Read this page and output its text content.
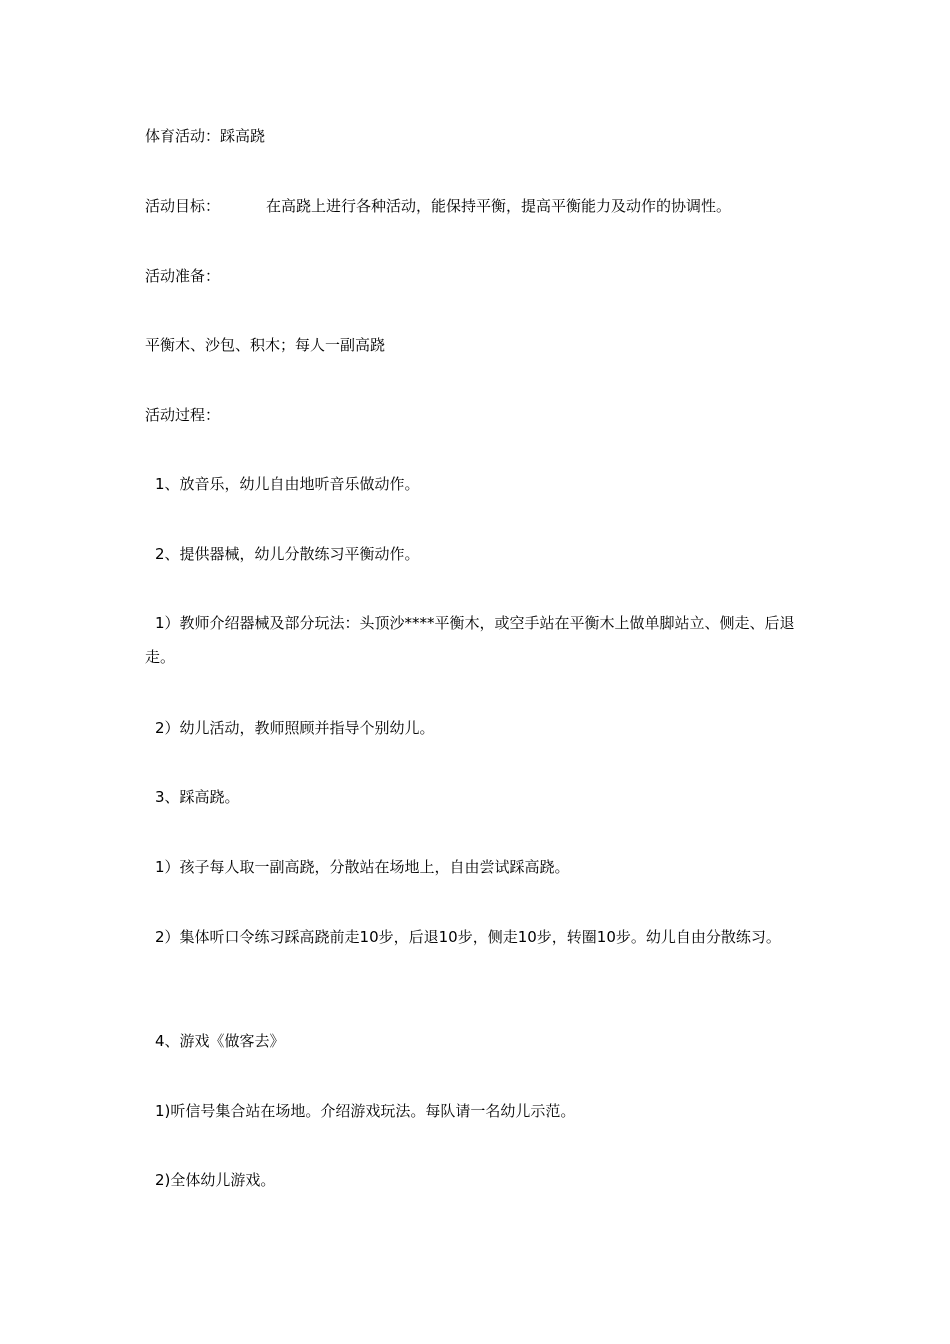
体育活动：踩高跷
活动目标：	在高跷上进行各种活动，能保持平衡，提高平衡能力及动作的协调性。
活动准备：
平衡木、沙包、积木；每人一副高跷
活动过程：
1、放音乐，幼儿自由地听音乐做动作。
2、提供器械，幼儿分散练习平衡动作。
1）教师介绍器械及部分玩法：头顶沙****平衡木，或空手站在平衡木上做单脚站立、侧走、后退走。
2）幼儿活动，教师照顾并指导个别幼儿。
3、踩高跷。
1）孩子每人取一副高跷，分散站在场地上，自由尝试踩高跷。
2）集体听口令练习踩高跷前走10步，后退10步，侧走10步，转圈10步。幼儿自由分散练习。
4、游戏《做客去》
1)听信号集合站在场地。介绍游戏玩法。每队请一名幼儿示范。
2)全体幼儿游戏。
